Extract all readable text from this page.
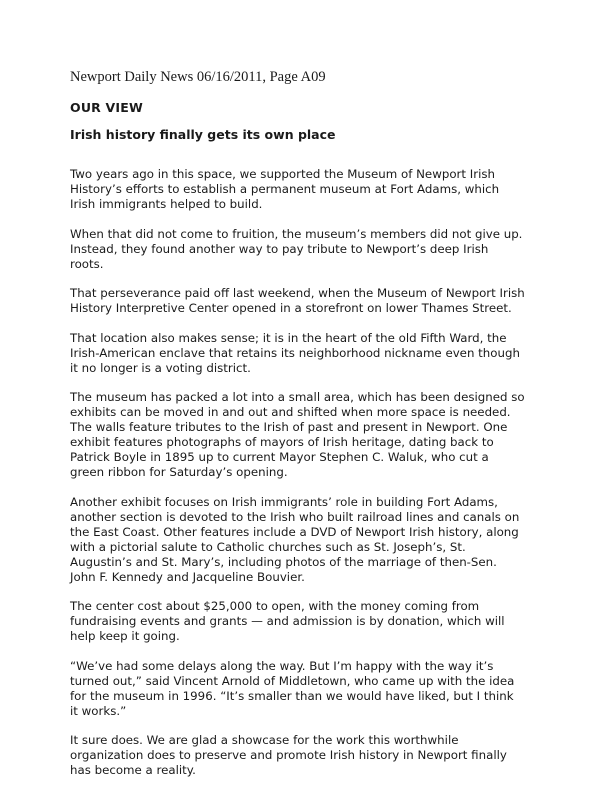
Newport Daily News 06/16/2011, Page A09
OUR VIEW
Irish history finally gets its own place

Two years ago in this space, we supported the Museum of Newport Irish
History’s efforts to establish a permanent museum at Fort Adams, which
Irish immigrants helped to build.

When that did not come to fruition, the museum’s members did not give up.
Instead, they found another way to pay tribute to Newport’s deep Irish
roots.

That perseverance paid off last weekend, when the Museum of Newport Irish
History Interpretive Center opened in a storefront on lower Thames Street.

That location also makes sense; it is in the heart of the old Fifth Ward, the
Irish-American enclave that retains its neighborhood nickname even though
it no longer is a voting district.

The museum has packed a lot into a small area, which has been designed so
exhibits can be moved in and out and shifted when more space is needed.
The walls feature tributes to the Irish of past and present in Newport. One
exhibit features photographs of mayors of Irish heritage, dating back to
Patrick Boyle in 1895 up to current Mayor Stephen C. Waluk, who cut a
green ribbon for Saturday’s opening.

Another exhibit focuses on Irish immigrants’ role in building Fort Adams,
another section is devoted to the Irish who built railroad lines and canals on
the East Coast. Other features include a DVD of Newport Irish history, along
with a pictorial salute to Catholic churches such as St. Joseph’s, St.
Augustin’s and St. Mary’s, including photos of the marriage of then-Sen.
John F. Kennedy and Jacqueline Bouvier.

The center cost about $25,000 to open, with the money coming from
fundraising events and grants — and admission is by donation, which will
help keep it going.

“We’ve had some delays along the way. But I’m happy with the way it’s
turned out,” said Vincent Arnold of Middletown, who came up with the idea
for the museum in 1996. “It’s smaller than we would have liked, but I think
it works.”

It sure does. We are glad a showcase for the work this worthwhile
organization does to preserve and promote Irish history in Newport finally
has become a reality.
